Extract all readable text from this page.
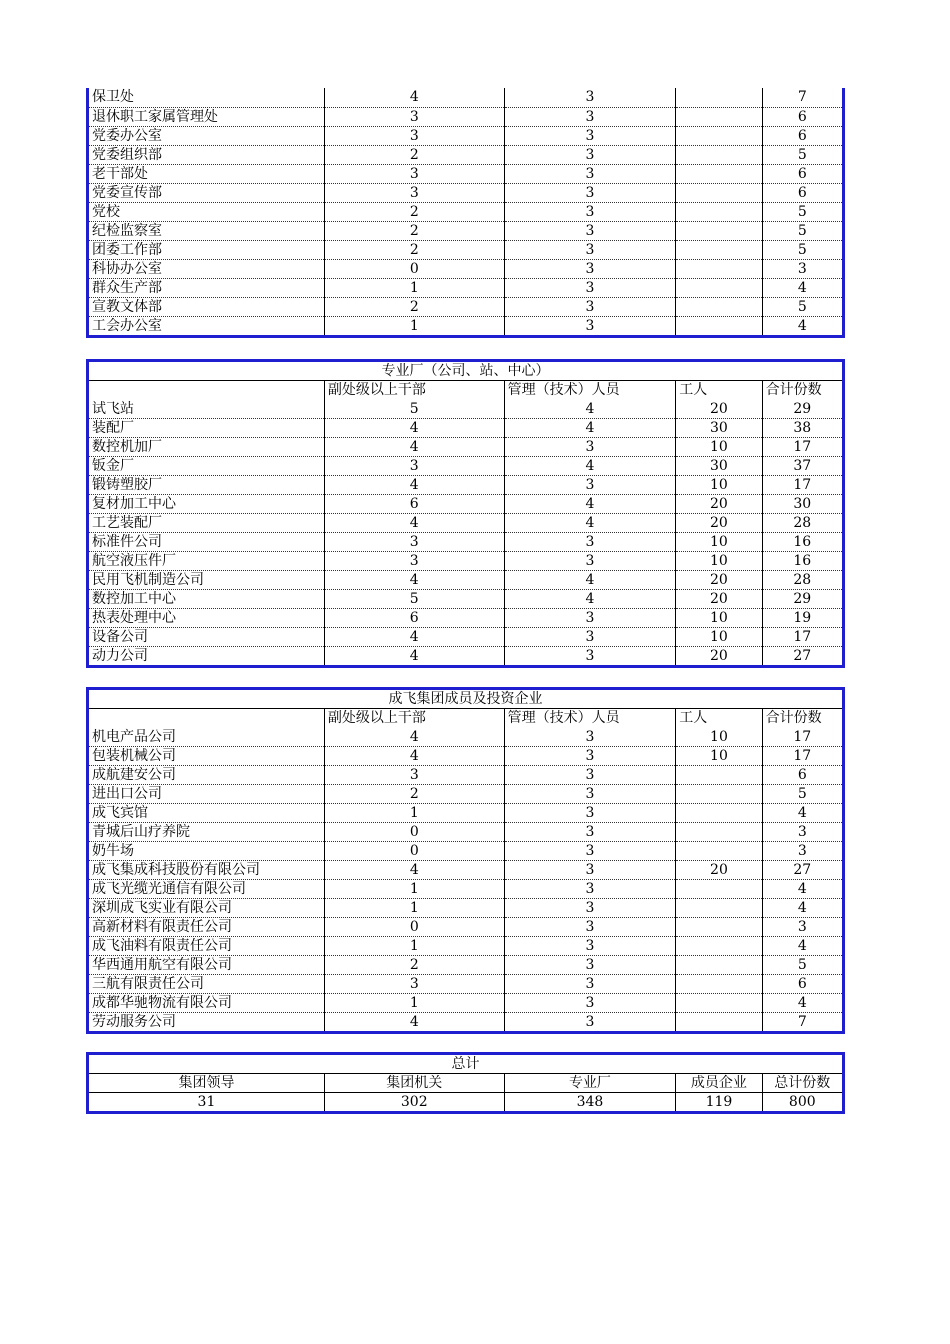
保卫处	4	3		7
退休职工家属管理处	3	3		6
党委办公室	3	3		6
党委组织部	2	3		5
老干部处	3	3		6
党委宣传部	3	3		6
党校	2	3		5
纪检监察室	2	3		5
团委工作部	2	3		5
科协办公室	0	3		3
群众生产部	1	3		4
宣教文体部	2	3		5
工会办公室	1	3		4
专业厂（公司、站、中心）				
	副处级以上干部	管理（技术）人员	工人	合计份数
试飞站	5	4	20	29
装配厂	4	4	30	38
数控机加厂	4	3	10	17
钣金厂	3	4	30	37
锻铸塑胶厂	4	3	10	17
复材加工中心	6	4	20	30
工艺装配厂	4	4	20	28
标准件公司	3	3	10	16
航空液压件厂	3	3	10	16
民用飞机制造公司	4	4	20	28
数控加工中心	5	4	20	29
热表处理中心	6	3	10	19
设备公司	4	3	10	17
动力公司	4	3	20	27
成飞集团成员及投资企业				
	副处级以上干部	管理（技术）人员	工人	合计份数
机电产品公司	4	3	10	17
包装机械公司	4	3	10	17
成航建安公司	3	3		6
进出口公司	2	3		5
成飞宾馆	1	3		4
青城后山疗养院	0	3		3
奶牛场	0	3		3
成飞集成科技股份有限公司	4	3	20	27
成飞光缆光通信有限公司	1	3		4
深圳成飞实业有限公司	1	3		4
高新材料有限责任公司	0	3		3
成飞油料有限责任公司	1	3		4
华西通用航空有限公司	2	3		5
三航有限责任公司	3	3		6
成都华驰物流有限公司	1	3		4
劳动服务公司	4	3		7
总计				
集团领导	集团机关	专业厂	成员企业	总计份数
31	302	348	119	800
